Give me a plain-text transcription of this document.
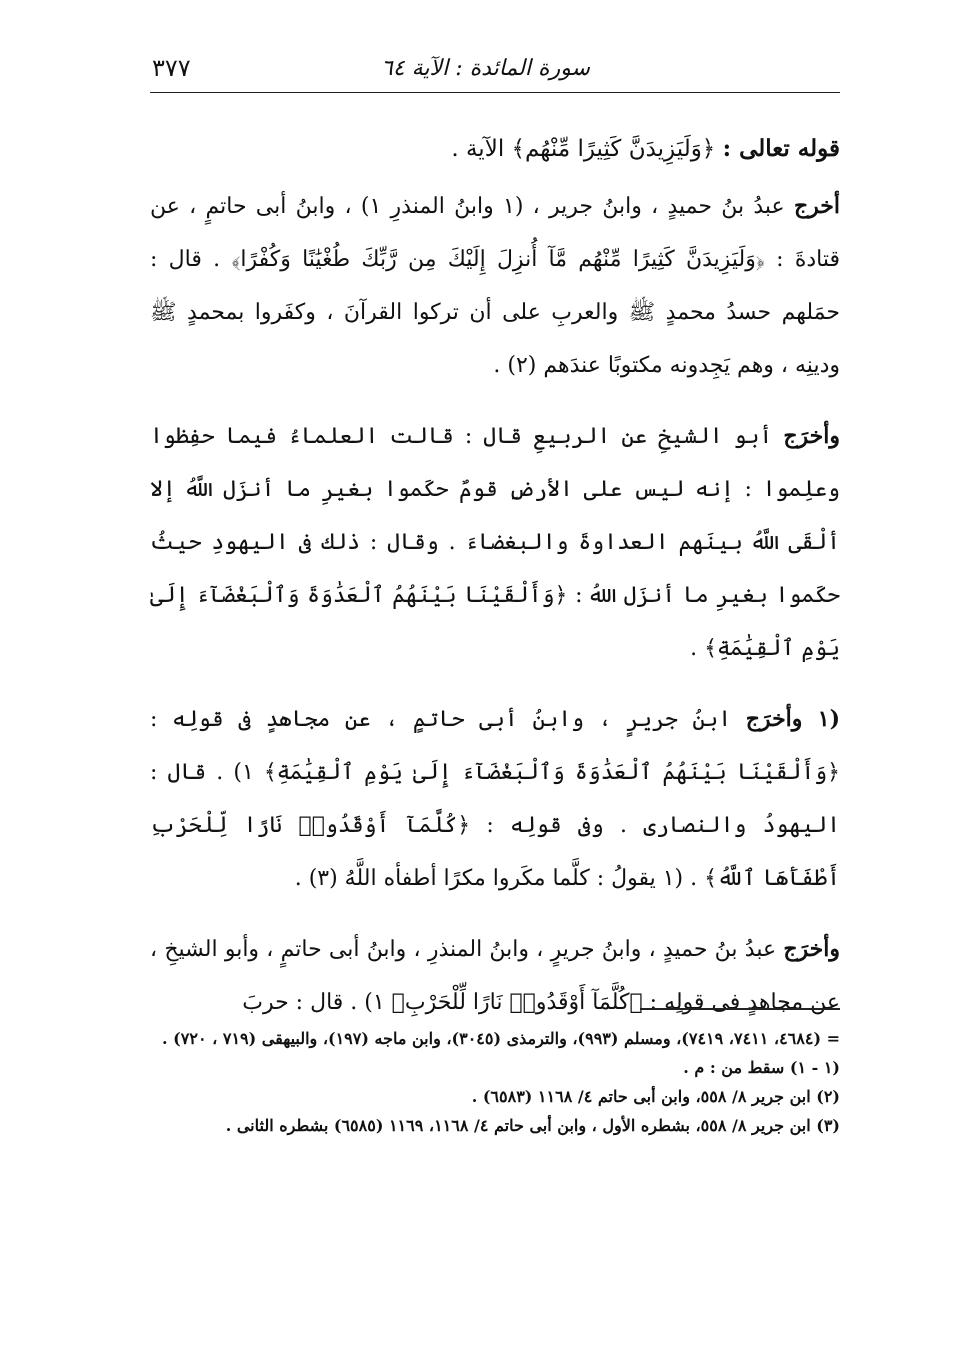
سورة المائدة : الآية ٦٤
٣٧٧

قوله تعالى : ﴿وَلَيَزِيدَنَّ كَثِيرًا مِّنْهُم﴾ الآية .

أخرج عبدُ بنُ حميدٍ ، وابنُ جرير ، (١ وابنُ المنذرِ ١) ، وابنُ أبى حاتمٍ ، عن قتادةَ : ﴿وَلَيَزِيدَنَّ كَثِيرًا مِّنْهُم مَّآ أُنزِلَ إِلَيْكَ مِن رَّبِّكَ طُغْيَٰنًا وَكُفْرًا﴾ . قال : حمَلهم حسدُ محمدٍ ﷺ والعربِ على أن تركوا القرآنَ ، وكفَروا بمحمدٍ ﷺ ودينِه ، وهم يَجِدونه مكتوبًا عندَهم (٢) .

وأخرَج أبو الشيخِ عن الربيعِ قال : قالت العلماءُ فيما حفِظوا وعلِموا : إنه ليس على الأرضِ قومٌ حكَموا بغيرِ ما أنزَل اللَّهُ إلا ألْقَى اللَّهُ بينَهم العداوةَ والبغضاءَ . وقال : ذلك فى اليهودِ حيثُ حكَموا بغيرِ ما أنزَل اللهُ : ﴿وَأَلْقَيْنَا بَيْنَهُمُ ٱلْعَدَٰوَةَ وَٱلْبَغْضَآءَ إِلَىٰ يَوْمِ ٱلْقِيَٰمَةِ﴾ .

(١ وأخرَج ابنُ جريرٍ ، وابنُ أبى حاتمٍ ، عن مجاهدٍ فى قولِه : ﴿وَأَلْقَيْنَا بَيْنَهُمُ ٱلْعَدَٰوَةَ وَٱلْبَغْضَآءَ إِلَىٰ يَوْمِ ٱلْقِيَٰمَةِ﴾ ١) . قال : اليهودُ والنصارى . وفى قولِه : ﴿كُلَّمَآ أَوْقَدُوا۟ نَارًا لِّلْحَرْبِ أَطْفَأَهَا ٱللَّهُ﴾ . (١ يقولُ : كلَّما مكَروا مكرًا أطفأه اللَّهُ (٣) .

وأخرَج عبدُ بنُ حميدٍ ، وابنُ جريرٍ ، وابنُ المنذرِ ، وابنُ أبى حاتمٍ ، وأبو الشيخِ ، عن مجاهدٍ فى قولِه : ﴿كُلَّمَآ أَوْقَدُوا۟ نَارًا لِّلْحَرْبِ﴾ ١) . قال : حربَ

= (٤٦٨٤، ٧٤١١، ٧٤١٩)، ومسلم (٩٩٣)، والترمذى (٣٠٤٥)، وابن ماجه (١٩٧)، والبيهقى (٧١٩ ، ٧٢٠) .

(١ - ١) سقط من : م .

(٢) ابن جرير ٨/ ٥٥٨، وابن أبى حاتم ٤/ ١١٦٨ (٦٥٨٣) .

(٣) ابن جرير ٨/ ٥٥٨، بشطره الأول ، وابن أبى حاتم ٤/ ١١٦٨، ١١٦٩ (٦٥٨٥) بشطره الثانى .
